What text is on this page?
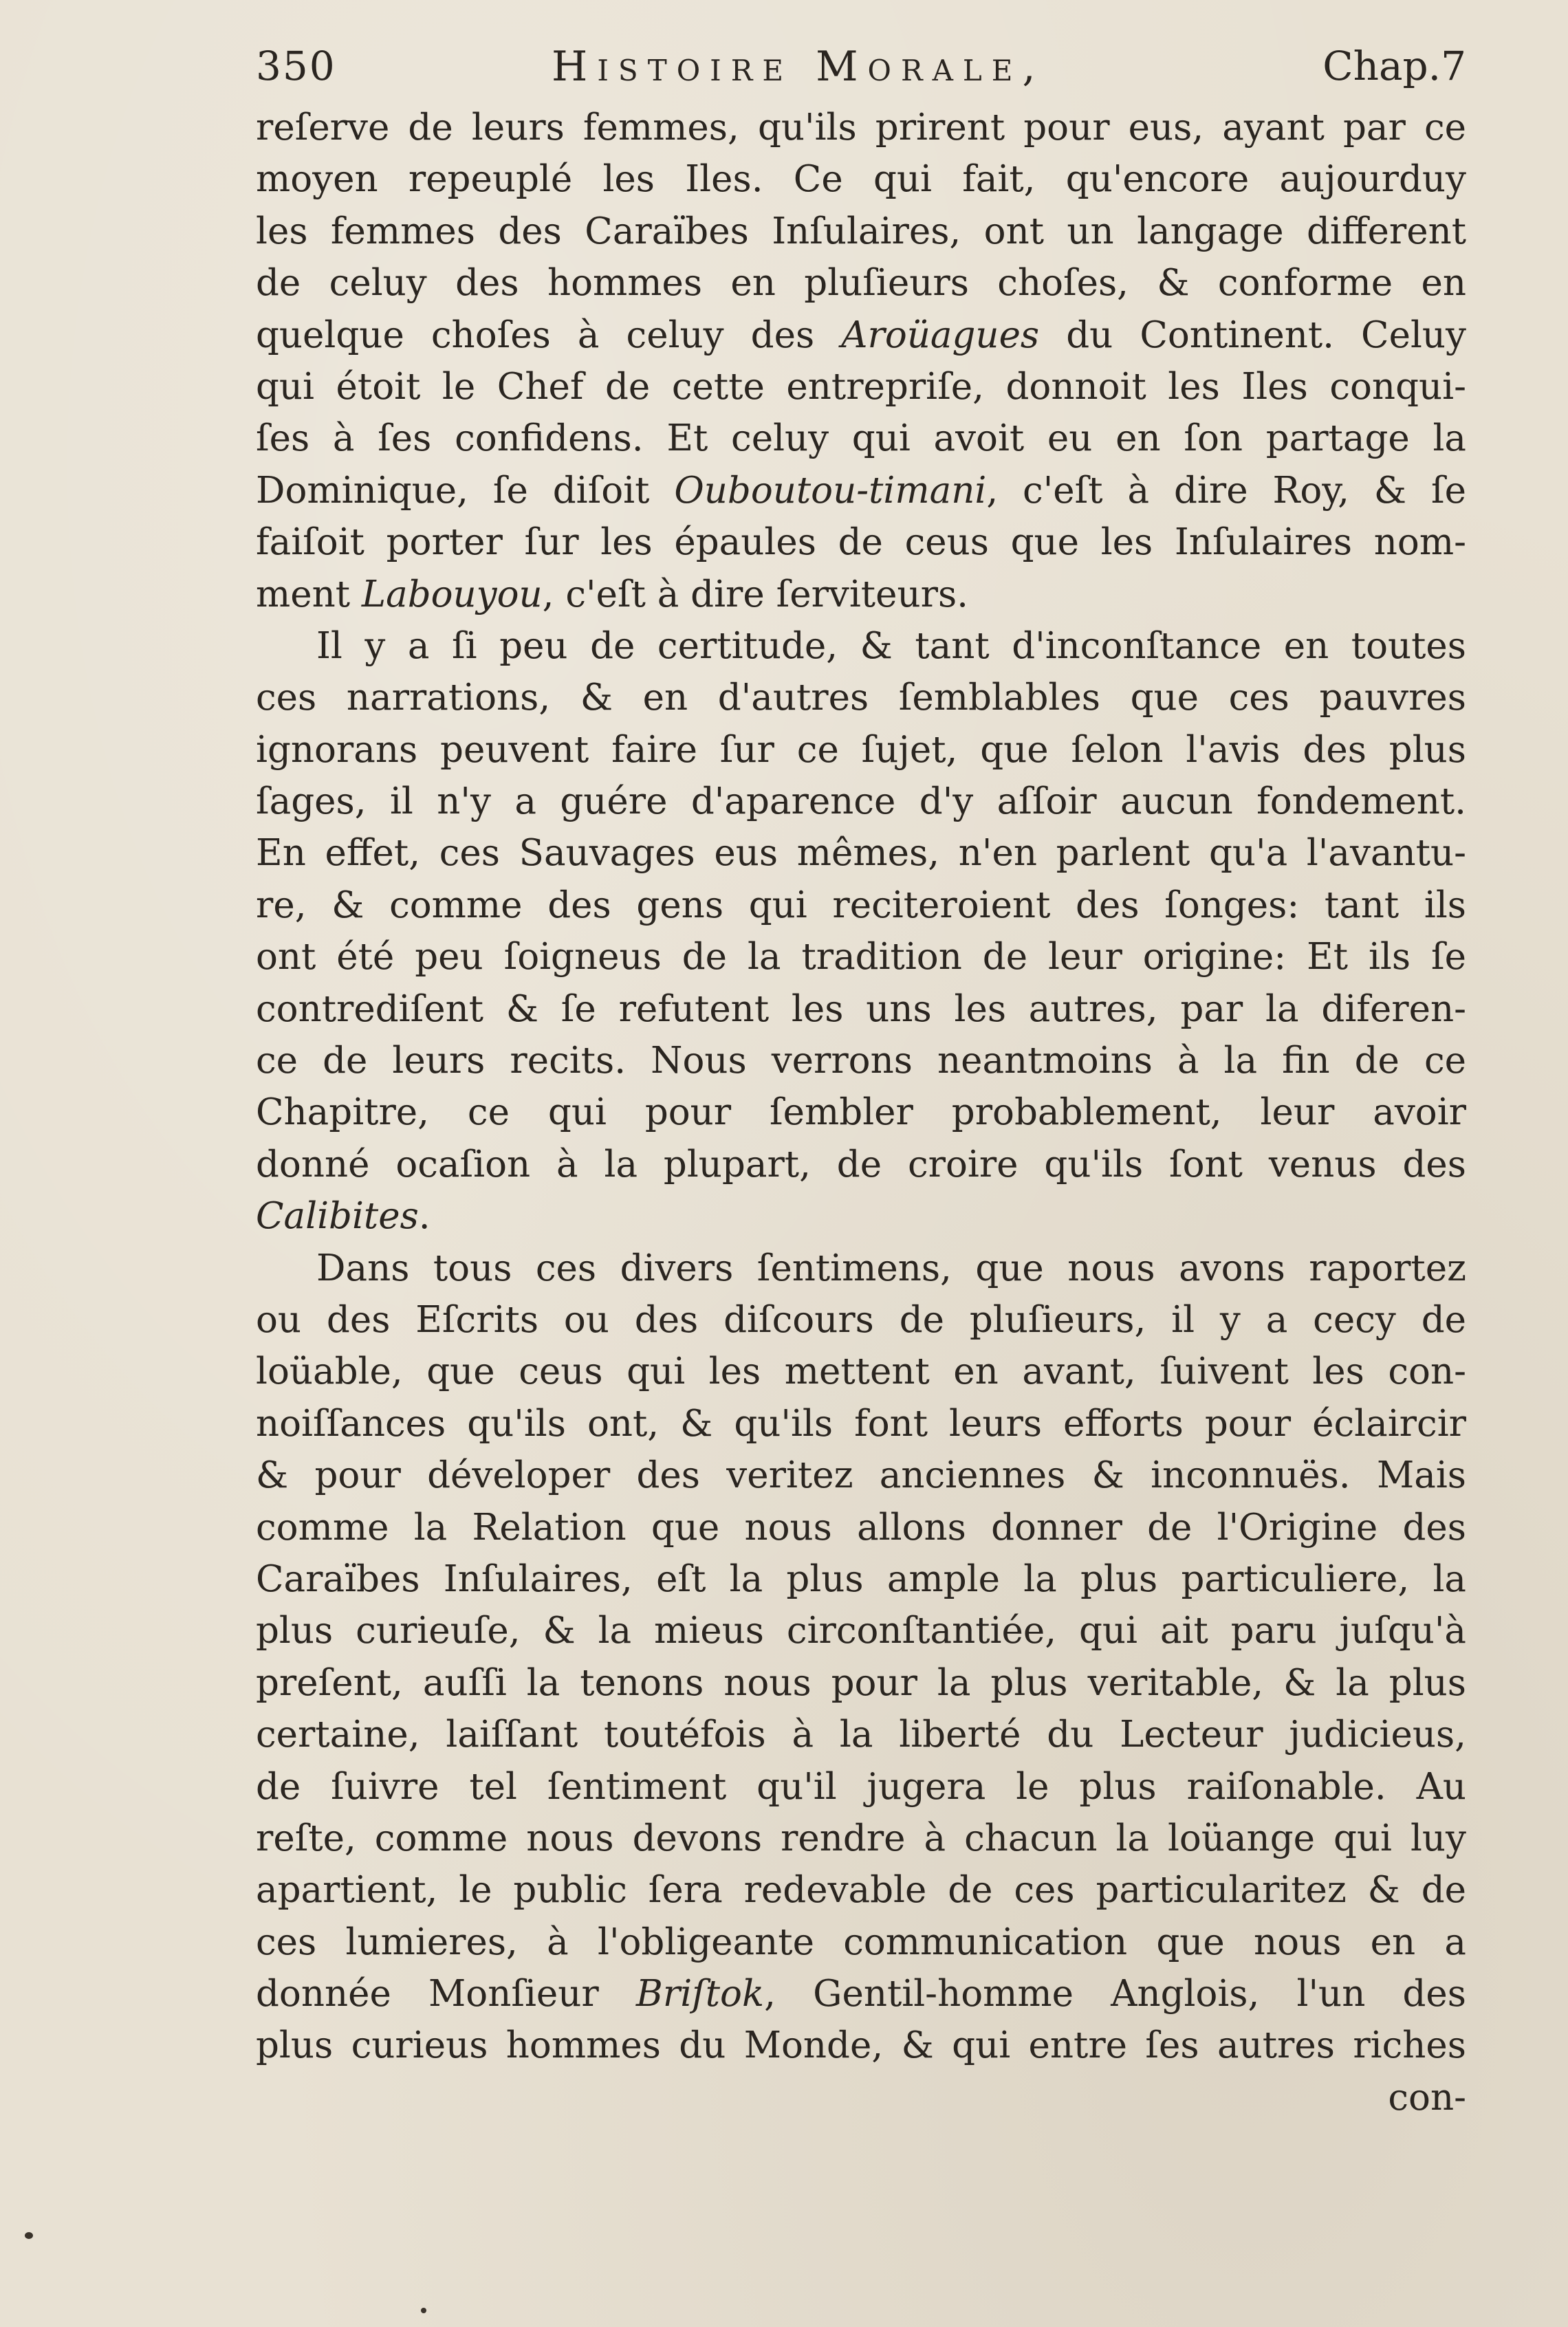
350	Histoire Morale,	Chap.7
reſerve de leurs femmes, qu'ils prirent pour eus, ayant par ce
moyen repeuplé les Iles. Ce qui fait, qu'encore aujourduy
les femmes des Caraïbes Inſulaires, ont un langage different
de celuy des hommes en pluſieurs choſes, & conforme en
quelque choſes à celuy des Aroüagues du Continent. Celuy
qui étoit le Chef de cette entrepriſe, donnoit les Iles conqui-
ſes à ſes confidens. Et celuy qui avoit eu en ſon partage la
Dominique, ſe diſoit Ouboutou-timani, c'eſt à dire Roy, & ſe
faiſoit porter ſur les épaules de ceus que les Inſulaires nom-
ment Labouyou, c'eſt à dire ſerviteurs.
Il y a ſi peu de certitude, & tant d'inconſtance en toutes
ces narrations, & en d'autres ſemblables que ces pauvres
ignorans peuvent faire ſur ce ſujet, que ſelon l'avis des plus
ſages, il n'y a guére d'aparence d'y aſſoir aucun fondement.
En effet, ces Sauvages eus mêmes, n'en parlent qu'a l'avantu-
re, & comme des gens qui reciteroient des ſonges: tant ils
ont été peu ſoigneus de la tradition de leur origine: Et ils ſe
contrediſent & ſe refutent les uns les autres, par la diferen-
ce de leurs recits. Nous verrons neantmoins à la fin de ce
Chapitre, ce qui pour ſembler probablement, leur avoir
donné ocaſion à la plupart, de croire qu'ils ſont venus des
Calibites.
Dans tous ces divers ſentimens, que nous avons raportez
ou des Eſcrits ou des diſcours de pluſieurs, il y a cecy de
loüable, que ceus qui les mettent en avant, ſuivent les con-
noiſſances qu'ils ont, & qu'ils font leurs efforts pour éclaircir
& pour déveloper des veritez anciennes & inconnuës. Mais
comme la Relation que nous allons donner de l'Origine des
Caraïbes Inſulaires, eſt la plus ample la plus particuliere, la
plus curieuſe, & la mieus circonſtantiée, qui ait paru juſqu'à
preſent, auſſi la tenons nous pour la plus veritable, & la plus
certaine, laiſſant toutéfois à la liberté du Lecteur judicieus,
de ſuivre tel ſentiment qu'il jugera le plus raiſonable. Au
reſte, comme nous devons rendre à chacun la loüange qui luy
apartient, le public ſera redevable de ces particularitez & de
ces lumieres, à l'obligeante communication que nous en a
donnée Monſieur Briſtok, Gentil-homme Anglois, l'un des
plus curieus hommes du Monde, & qui entre ſes autres riches
con-
